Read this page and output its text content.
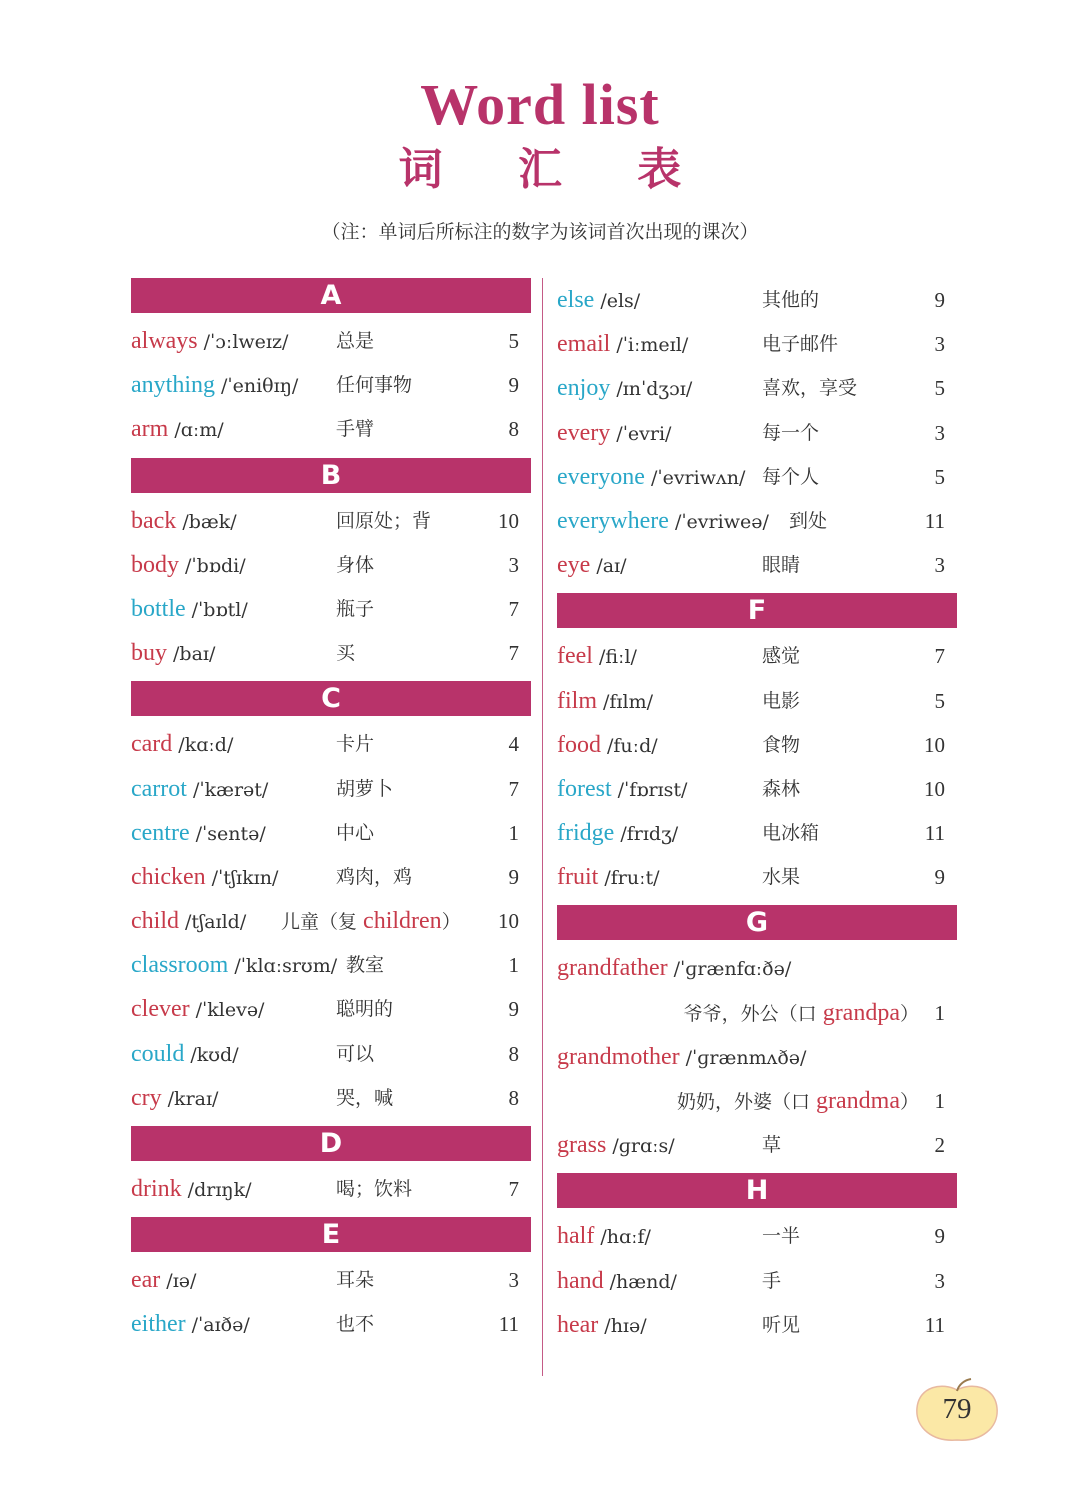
Word list
词 汇 表
（注：单词后所标注的数字为该词首次出现的课次）
A
always /ˈɔːlweɪz/	总是	5
anything /ˈeniθɪŋ/ 任何事物	9
arm /ɑːm/	手臂	8
B
back /bæk/	回原处；背	10
body /ˈbɒdi/	身体	3
bottle /ˈbɒtl/	瓶子	7
buy /baɪ/	买	7
C
card /kɑːd/	卡片	4
carrot /ˈkærət/	胡萝卜	7
centre /ˈsentə/	中心	1
chicken /ˈtʃɪkɪn/	鸡肉，鸡	9
child /tʃaɪld/ 儿童（复 children） 10
classroom /ˈklɑːsrʊm/ 教室	1
clever /ˈklevə/	聪明的	9
could /kʊd/	可以	8
cry /kraɪ/	哭，喊	8
D
drink /drɪŋk/	喝；饮料	7
E
ear /ɪə/	耳朵	3
either /ˈaɪðə/	也不	11
else /els/	其他的	9
email /ˈiːmeɪl/	电子邮件	3
enjoy /ɪnˈdʒɔɪ/	喜欢，享受	5
every /ˈevri/	每一个	3
everyone /ˈevriwʌn/ 每个人	5
everywhere /ˈevriweə/ 到处	11
eye /aɪ/	眼睛	3
F
feel /fiːl/	感觉	7
film /fɪlm/	电影	5
food /fuːd/	食物	10
forest /ˈfɒrɪst/	森林	10
fridge /frɪdʒ/	电冰箱	11
fruit /fruːt/	水果	9
G
grandfather /ˈɡrænfɑːðə/
爷爷，外公（口 grandpa） 1
grandmother /ˈɡrænmʌðə/
奶奶，外婆（口 grandma） 1
grass /ɡrɑːs/	草	2
H
half /hɑːf/	一半	9
hand /hænd/	手	3
hear /hɪə/	听见	11
79
